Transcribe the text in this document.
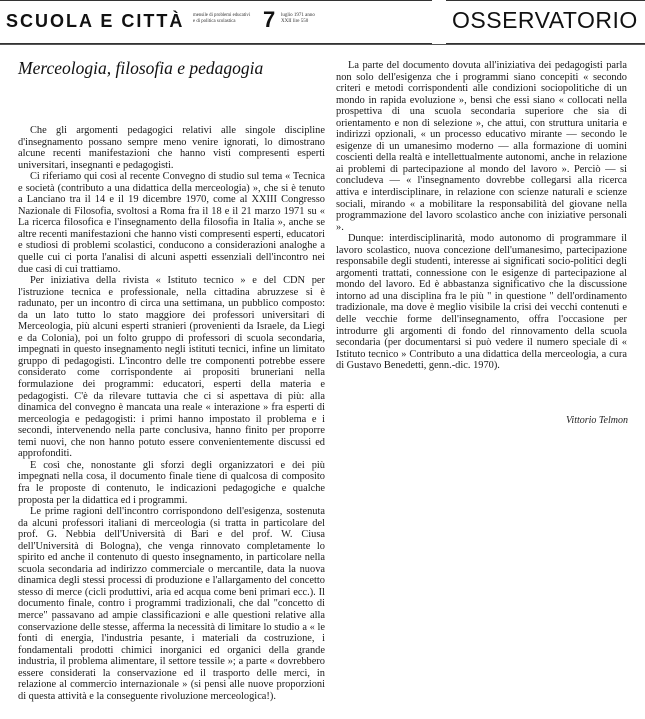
SCUOLA E CITTÀ mensile di problemi educativi e di politica scolastica	7 luglio 1971 anno XXII lire 550	OSSERVATORIO
Merceologia, filosofia e pedagogia

Che gli argomenti pedagogici relativi alle singole discipline d'insegnamento possano sempre meno venire ignorati, lo dimostrano alcune recenti manifestazioni che hanno visti compresenti esperti universitari, insegnanti e pedagogisti.

Ci riferiamo qui così al recente Convegno di studio sul tema « Tecnica e società (contributo a una didattica della merceologia) », che si è tenuto a Lanciano tra il 14 e il 19 dicembre 1970, come al XXIII Congresso Nazionale di Filosofia, svoltosi a Roma fra il 18 e il 21 marzo 1971 su « La ricerca filosofica e l'insegnamento della filosofia in Italia », anche se altre recenti manifestazioni che hanno visti compresenti esperti, educatori e studiosi di problemi scolastici, conducono a considerazioni analoghe a quelle cui ci porta l'analisi di alcuni aspetti essenziali dell'incontro nei due casi di cui trattiamo.

Per iniziativa della rivista « Istituto tecnico » e del CDN per l'istruzione tecnica e professionale, nella cittadina abruzzese si è radunato, per un incontro di circa una settimana, un pubblico composto: da un lato tutto lo stato maggiore dei professori universitari di Merceologia, più alcuni esperti stranieri (provenienti da Israele, da Liegi e da Colonia), poi un folto gruppo di professori di scuola secondaria, impegnati in questo insegnamento negli istituti tecnici, infine un limitato gruppo di pedagogisti. L'incontro delle tre componenti potrebbe essere considerato come corrispondente ai propositi bruneriani nella formulazione dei programmi: educatori, esperti della materia e pedagogisti. C'è da rilevare tuttavia che ci si aspettava di più: alla dinamica del convegno è mancata una reale « interazione » fra esperti di merceologia e pedagogisti: i primi hanno impostato il problema e i secondi, intervenendo nella parte conclusiva, hanno finito per proporre temi nuovi, che non hanno potuto essere convenientemente discussi ed approfonditi.

E così che, nonostante gli sforzi degli organizzatori e dei più impegnati nella cosa, il documento finale tiene di qualcosa di composito fra le proposte di contenuto, le indicazioni pedagogiche e qualche proposta per la didattica ed i programmi.

Le prime ragioni dell'incontro corrispondono dell'esigenza, sostenuta da alcuni professori italiani di merceologia (si tratta in particolare del prof. G. Nebbia dell'Università di Bari e del prof. W. Ciusa dell'Università di Bologna), che venga rinnovato completamente lo spirito ed anche il contenuto di questo insegnamento, in particolare nella scuola secondaria ad indirizzo commerciale o mercantile, data la nuova dinamica degli stessi processi di produzione e l'allargamento del concetto stesso di merce (cicli produttivi, aria ed acqua come beni primari ecc.). Il documento finale, contro i programmi tradizionali, che dal "concetto di merce" passavano ad ampie classificazioni e alle questioni relative alla conservazione delle stesse, afferma la necessità di limitare lo studio a « le fonti di energia, l'industria pesante, i materiali da costruzione, i fondamentali prodotti chimici inorganici ed organici della grande industria, il problema alimentare, il settore tessile »; a parte « dovrebbero essere considerati la conservazione ed il trasporto delle merci, in relazione al commercio internazionale » (si pensi alle nuove proporzioni di questa attività e la conseguente rivoluzione merceologica!).

La parte del documento dovuta all'iniziativa dei pedagogisti parla non solo dell'esigenza che i programmi siano concepiti « secondo criteri e metodi corrispondenti alle condizioni sociopolitiche di un mondo in rapida evoluzione », bensì che essi siano « collocati nella prospettiva di una scuola secondaria superiore che sia di orientamento e non di selezione », che attui, con struttura unitaria e indirizzi opzionali, « un processo educativo mirante — secondo le esigenze di un umanesimo moderno — alla formazione di uomini coscienti della realtà e intellettualmente autonomi, anche in relazione ai problemi di partecipazione al mondo del lavoro ». Perciò — si concludeva — « l'insegnamento dovrebbe collegarsi alla ricerca attiva e interdisciplinare, in relazione con scienze naturali e scienze sociali, mirando « a mobilitare la responsabilità del giovane nella programmazione del lavoro scolastico anche con iniziative personali ».

Dunque: interdisciplinarità, modo autonomo di programmare il lavoro scolastico, nuova concezione dell'umanesimo, partecipazione responsabile degli studenti, interesse ai significati socio-politici degli argomenti trattati, connessione con le esigenze di partecipazione al mondo del lavoro. Ed è abbastanza significativo che la discussione intorno ad una disciplina fra le più " in questione " dell'ordinamento tradizionale, ma dove è meglio visibile la crisi dei vecchi contenuti e delle vecchie forme dell'insegnamento, offra l'occasione per introdurre gli argomenti di fondo del rinnovamento della scuola secondaria (per documentarsi si può vedere il numero speciale di « Istituto tecnico » Contributo a una didattica della merceologia, a cura di Gustavo Benedetti, genn.-dic. 1970).

Vittorio Telmon
